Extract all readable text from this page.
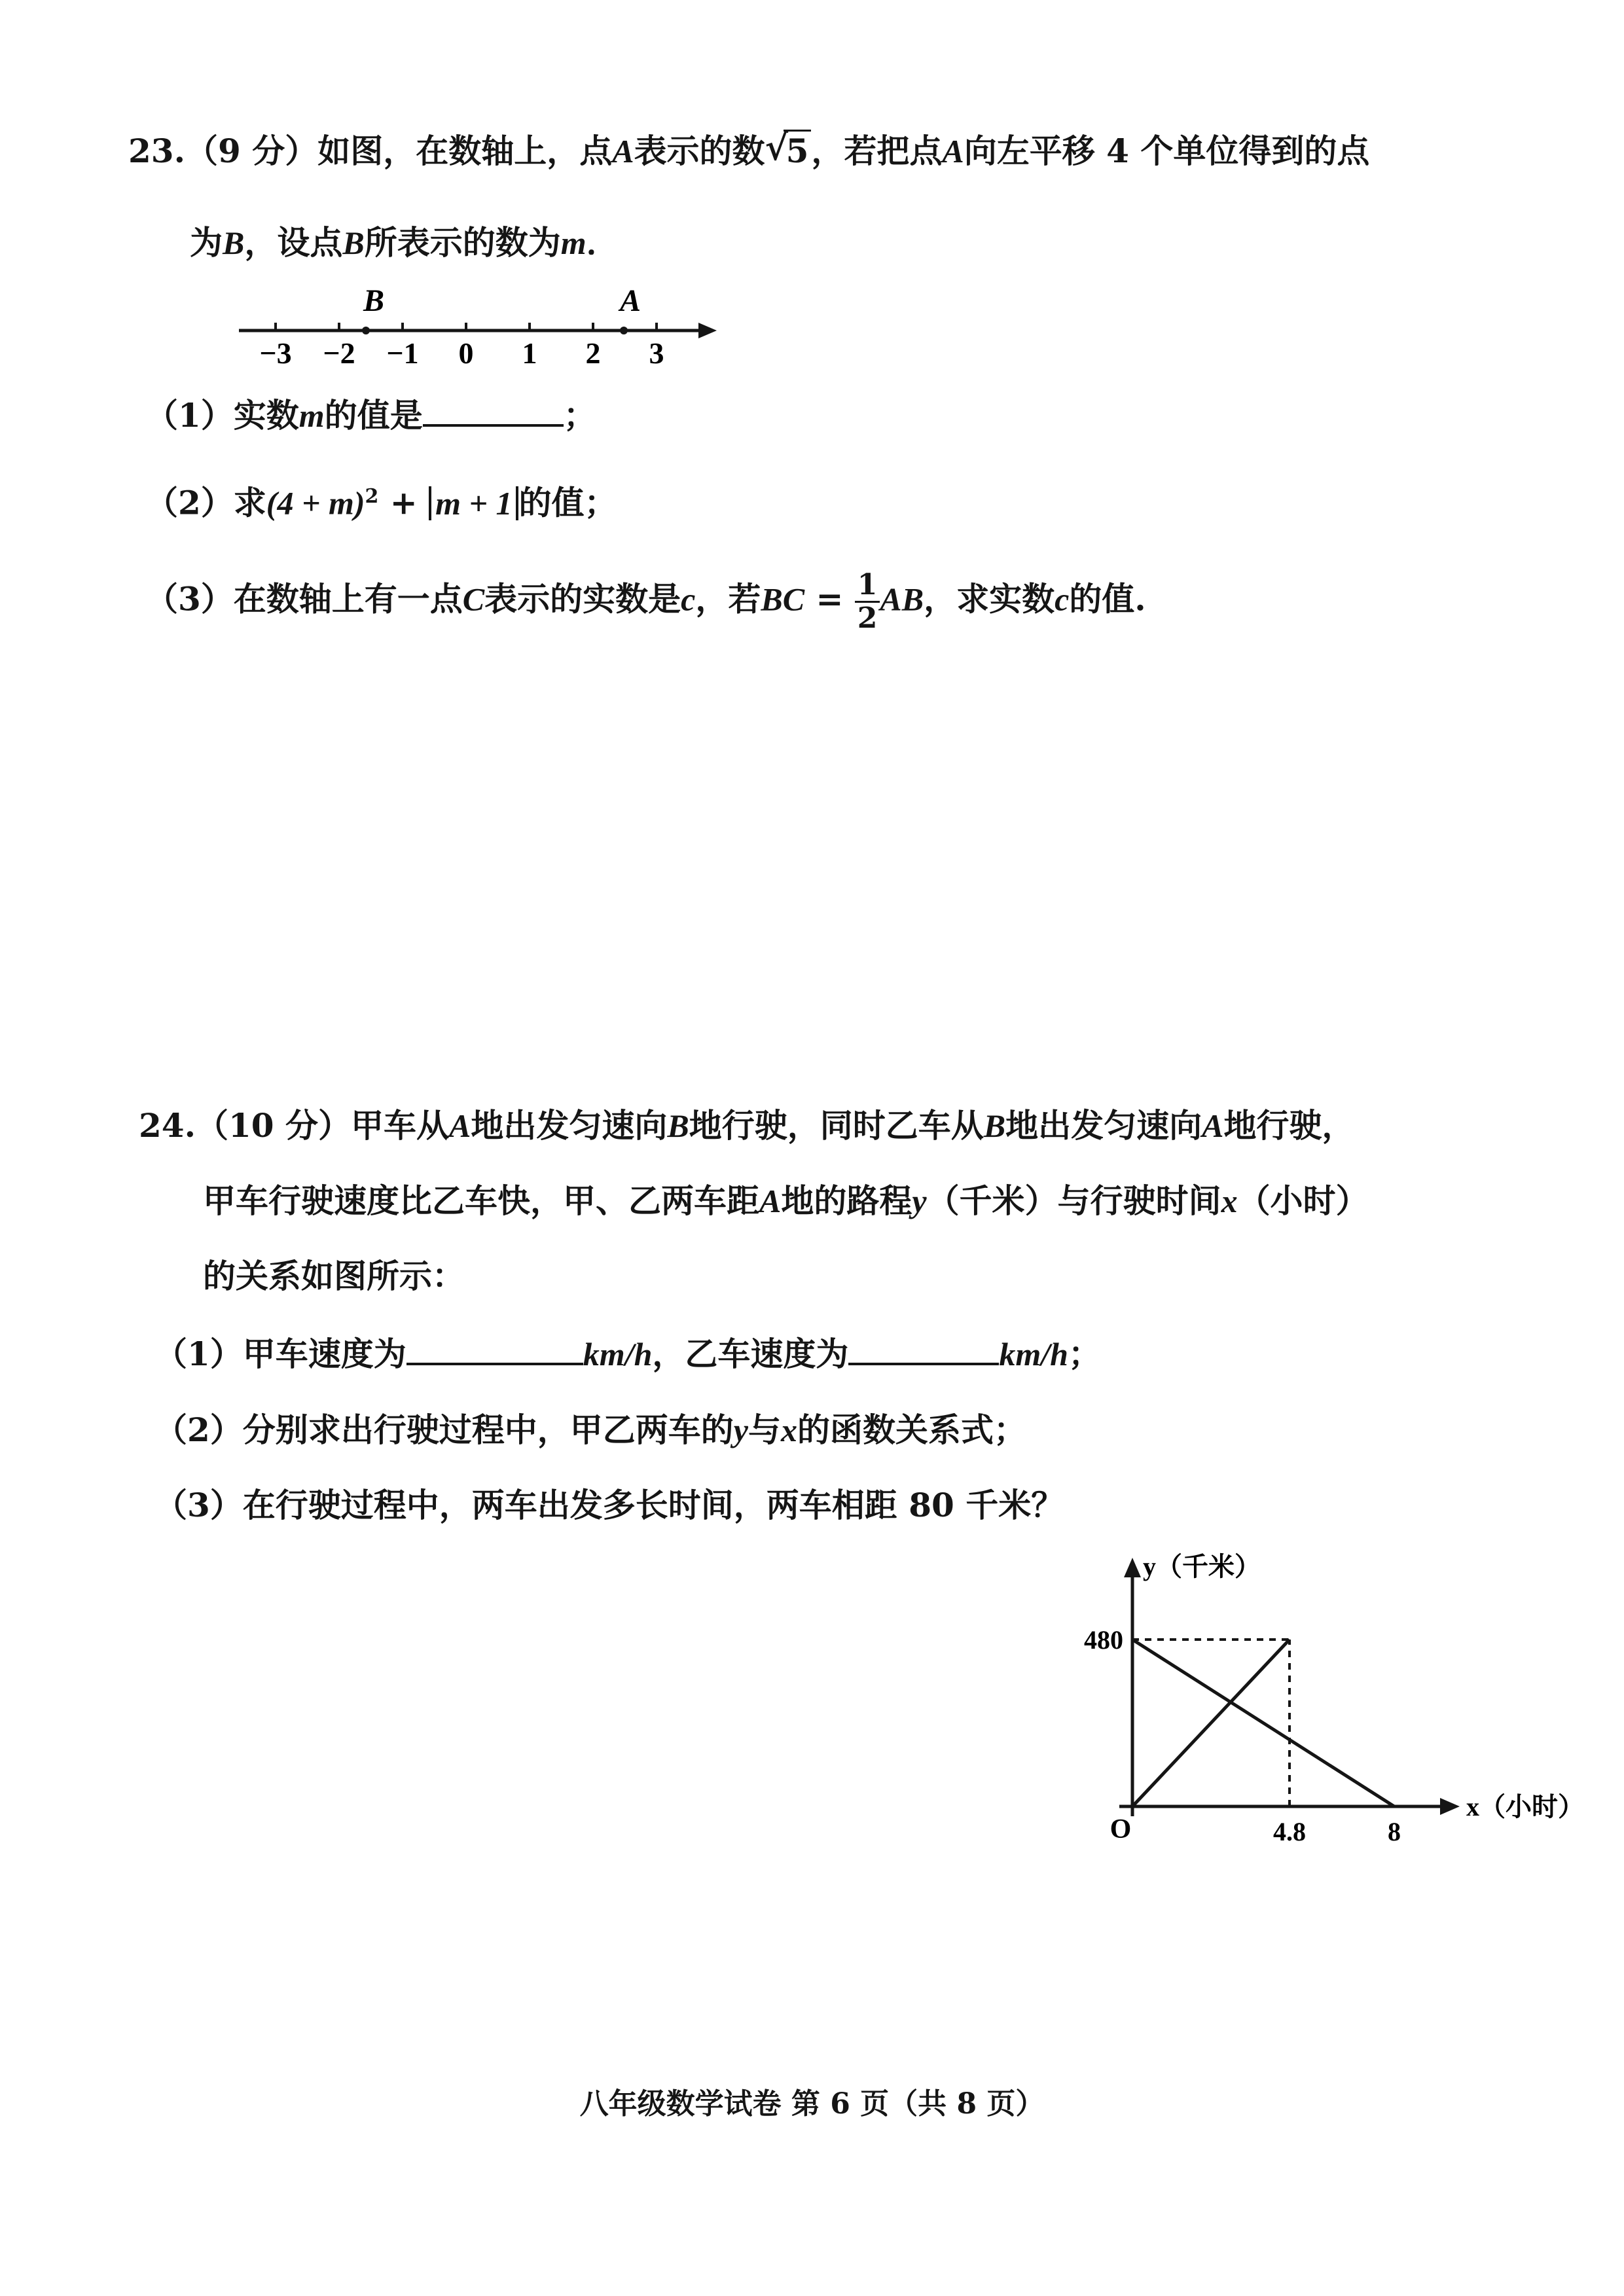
23.（9 分）如图，在数轴上，点A表示的数 √
5，若把点A向左平移 4 个单位得到的点
为B，设点B所表示的数为m．
−3 −2 −1 0 1 2 3
B	A
（1）实数m的值是	；
（2）求$(4 + m)^2 + m + 1$ 的值；
（3）在数轴上有一点C表示的实数是c，若BC = $\frac{1}{2}$ AB，求实数c的值.
24.（10 分）甲车从A地出发匀速向B地行驶，同时乙车从B地出发匀速向A地行驶，
甲车行驶速度比乙车快，甲、乙两车距A地的路程y（千米）与行驶时间x（小时）
的关系如图所示：
（1）甲车速度为	km/h，乙车速度为	km/h；
（2）分别求出行驶过程中，甲乙两车的y与x的函数关系式；
（3）在行驶过程中，两车出发多长时间，两车相距 80 千米？
O
480
4.8	8
y（千米）
x（小时）
八年级数学试卷 第 6 页（共 8 页）
